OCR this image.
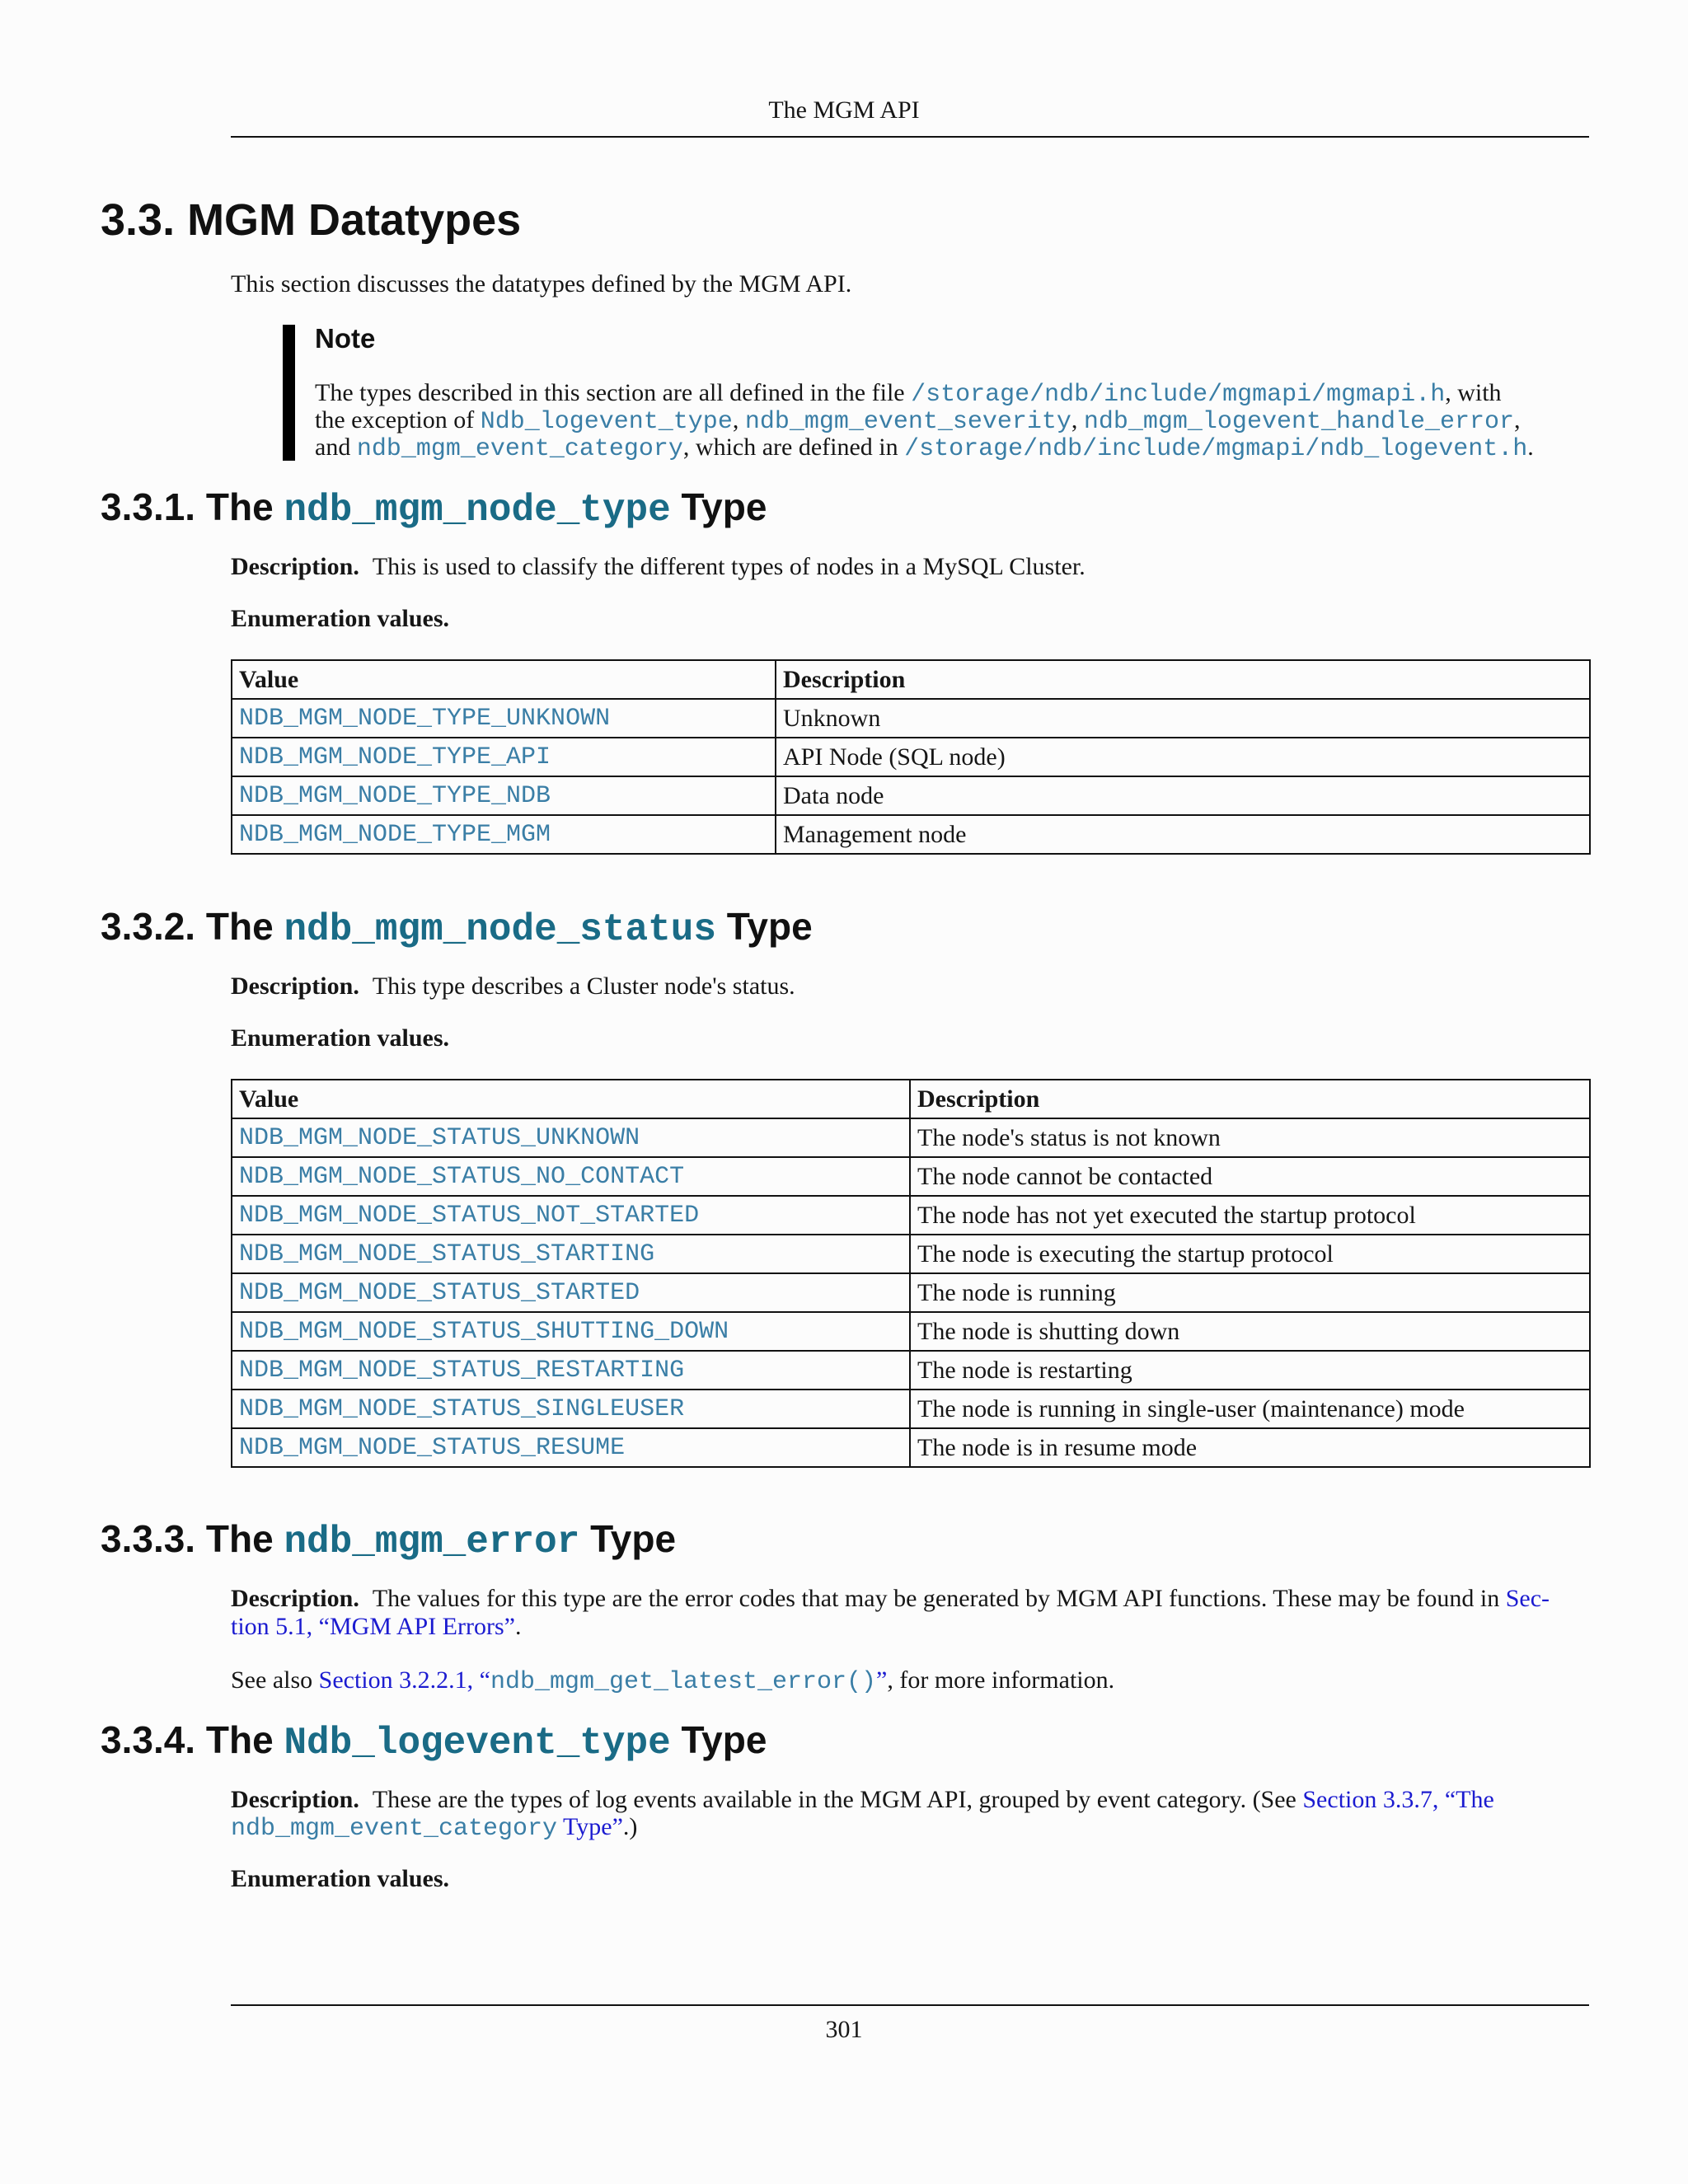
The MGM API
3.3. MGM Datatypes
This section discusses the datatypes defined by the MGM API.
Note
The types described in this section are all defined in the file /storage/ndb/include/mgmapi/mgmapi.h, with
the exception of Ndb_logevent_type, ndb_mgm_event_severity, ndb_mgm_logevent_handle_error,
and ndb_mgm_event_category, which are defined in /storage/ndb/include/mgmapi/ndb_logevent.h.
3.3.1. The ndb_mgm_node_type Type
Description. This is used to classify the different types of nodes in a MySQL Cluster.
Enumeration values.
Value	Description
NDB_MGM_NODE_TYPE_UNKNOWN	Unknown
NDB_MGM_NODE_TYPE_API	API Node (SQL node)
NDB_MGM_NODE_TYPE_NDB	Data node
NDB_MGM_NODE_TYPE_MGM	Management node
3.3.2. The ndb_mgm_node_status Type
Description. This type describes a Cluster node's status.
Enumeration values.
Value	Description
NDB_MGM_NODE_STATUS_UNKNOWN	The node's status is not known
NDB_MGM_NODE_STATUS_NO_CONTACT	The node cannot be contacted
NDB_MGM_NODE_STATUS_NOT_STARTED	The node has not yet executed the startup protocol
NDB_MGM_NODE_STATUS_STARTING	The node is executing the startup protocol
NDB_MGM_NODE_STATUS_STARTED	The node is running
NDB_MGM_NODE_STATUS_SHUTTING_DOWN	The node is shutting down
NDB_MGM_NODE_STATUS_RESTARTING	The node is restarting
NDB_MGM_NODE_STATUS_SINGLEUSER	The node is running in single-user (maintenance) mode
NDB_MGM_NODE_STATUS_RESUME	The node is in resume mode
3.3.3. The ndb_mgm_error Type
Description. The values for this type are the error codes that may be generated by MGM API functions. These may be found in Sec-
tion 5.1, “MGM API Errors”.
See also Section 3.2.2.1, “ndb_mgm_get_latest_error()”, for more information.
3.3.4. The Ndb_logevent_type Type
Description. These are the types of log events available in the MGM API, grouped by event category. (See Section 3.3.7, “The
ndb_mgm_event_category Type”.)
Enumeration values.
301
